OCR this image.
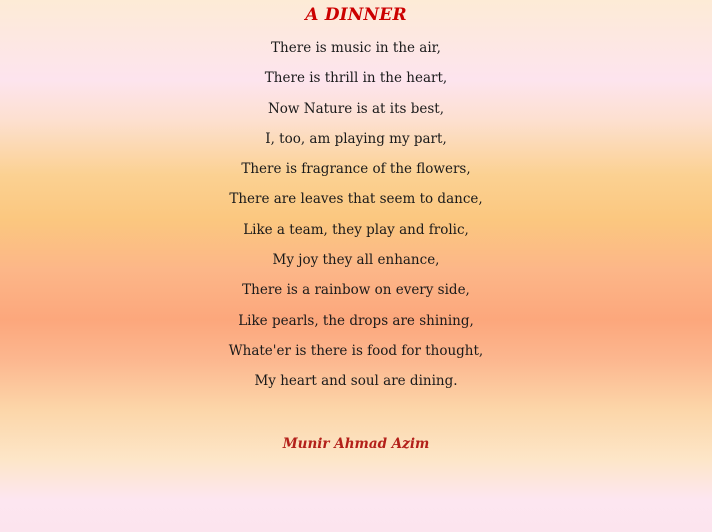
A DINNER
There is music in the air,
There is thrill in the heart,
Now Nature is at its best,
I, too, am playing my part,
There is fragrance of the flowers,
There are leaves that seem to dance,
Like a team, they play and frolic,
My joy they all enhance,
There is a rainbow on every side,
Like pearls, the drops are shining,
Whate'er is there is food for thought,
My heart and soul are dining.
Munir Ahmad Azim
